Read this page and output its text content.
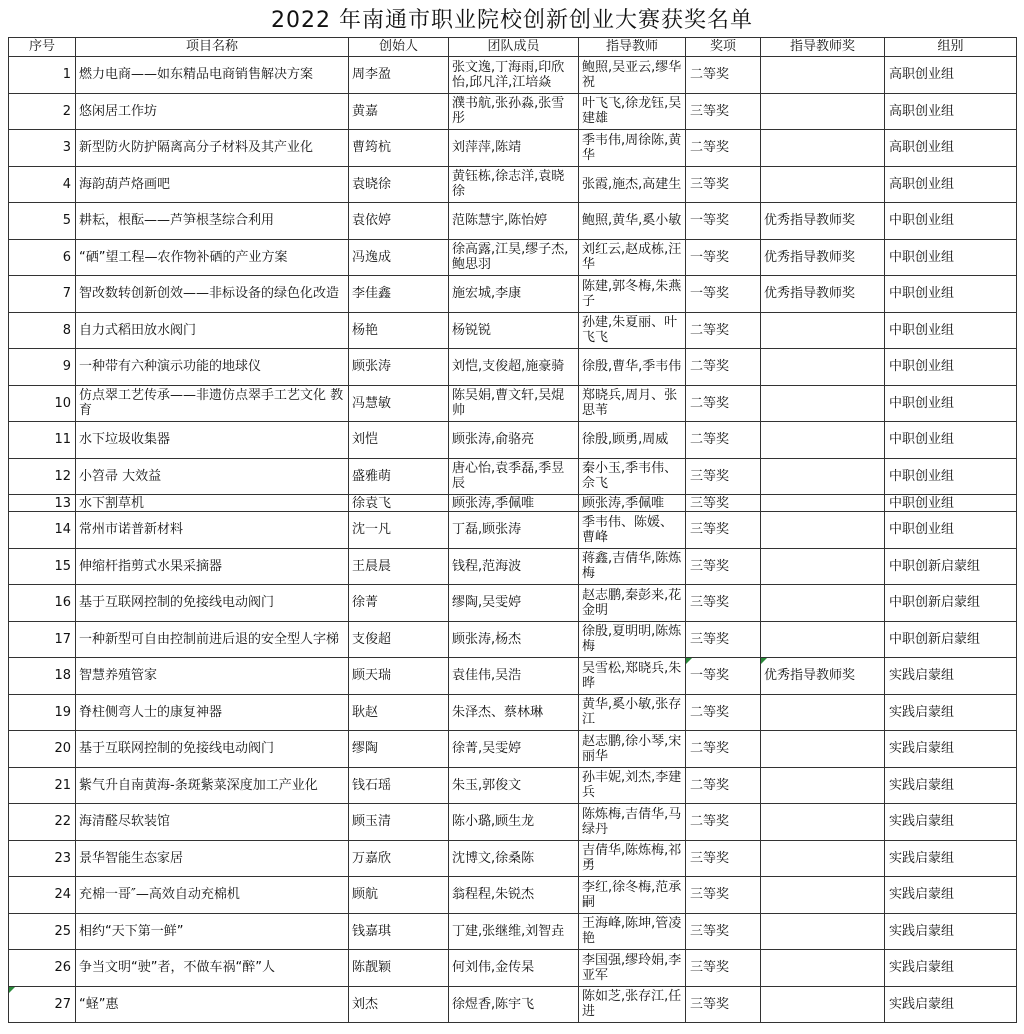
2022 年南通市职业院校创新创业大赛获奖名单
序号	项目名称	创始人	团队成员	指导教师	奖项	指导教师奖	组别
1	燃力电商——如东精品电商销售解决方案	周李盈	张文逸,丁海雨,印欣怡,邱凡洋,江培焱	鲍照,吴亚云,缪华祝	二等奖		高职创业组
2	悠闲居工作坊	黄嘉	濮书航,张孙淼,张雪彤	叶飞飞,徐龙钰,吴建雄	三等奖		高职创业组
3	新型防火防护隔离高分子材料及其产业化	曹筠杭	刘萍萍,陈靖	季韦伟,周徐陈,黄华	二等奖		高职创业组
4	海韵葫芦烙画吧	袁晓徐	黄钰栋,徐志洋,袁晓徐	张霞,施杰,高建生	三等奖		高职创业组
5	耕耘，根酝——芦笋根茎综合利用	袁依婷	范陈慧宇,陈怡婷	鲍照,黄华,奚小敏	一等奖	优秀指导教师奖	中职创业组
6	“硒”望工程—农作物补硒的产业方案	冯逸成	徐高露,江昊,缪子杰, 鲍思羽	刘红云,赵成栋,汪华	一等奖	优秀指导教师奖	中职创业组
7	智改数转创新创效——非标设备的绿色化改造	李佳鑫	施宏城,李康	陈建,郭冬梅,朱燕子	一等奖	优秀指导教师奖	中职创业组
8	自力式稻田放水阀门	杨艳	杨锐锐	孙建,朱夏丽、叶飞飞	二等奖		中职创业组
9	一种带有六种演示功能的地球仪	顾张涛	刘恺,支俊超,施豪骑	徐殷,曹华,季韦伟	二等奖		中职创业组
10	仿点翠工艺传承——非遗仿点翠手工艺文化 教育	冯慧敏	陈吴娟,曹文轩,吴焜帅	郑晓兵,周月、张思苇	二等奖		中职创业组
11	水下垃圾收集器	刘恺	顾张涛,俞骆亮	徐殷,顾勇,周威	二等奖		中职创业组
12	小笤帚 大效益	盛雅萌	唐心怡,袁季磊,季昱辰	秦小玉,季韦伟、佘飞	三等奖		中职创业组
13	水下割草机	徐袁飞	顾张涛,季佩唯	顾张涛,季佩唯	三等奖		中职创业组
14	常州市诺普新材料	沈一凡	丁磊,顾张涛	季韦伟、陈媛、曹峰	三等奖		中职创业组
15	伸缩杆指剪式水果采摘器	王晨晨	钱程,范海波	蒋鑫,吉倩华,陈炼梅	三等奖		中职创新启蒙组
16	基于互联网控制的免接线电动阀门	徐菁	缪陶,吴雯婷	赵志鹏,秦彭来,花金明	三等奖		中职创新启蒙组
17	一种新型可自由控制前进后退的安全型人字梯	支俊超	顾张涛,杨杰	徐殷,夏明明,陈炼梅	三等奖		中职创新启蒙组
18	智慧养殖管家	顾天瑞	袁佳伟,吴浩	吴雪松,郑晓兵,朱晔	一等奖	优秀指导教师奖	实践启蒙组
19	脊柱侧弯人士的康复神器	耿赵	朱泽杰、蔡林琳	黄华,奚小敏,张存江	二等奖		实践启蒙组
20	基于互联网控制的免接线电动阀门	缪陶	徐菁,吴雯婷	赵志鹏,徐小琴,宋丽华	二等奖		实践启蒙组
21	紫气升自南黄海-条斑紫菜深度加工产业化	钱石瑶	朱玉,郭俊文	孙丰妮,刘杰,李建兵	二等奖		实践启蒙组
22	海清醛尽软装馆	顾玉清	陈小璐,顾生龙	陈炼梅,吉倩华,马绿丹	二等奖		实践启蒙组
23	景华智能生态家居	万嘉欣	沈博文,徐桑陈	吉倩华,陈炼梅,祁勇	三等奖		实践启蒙组
24	充棉一哥″—高效自动充棉机	顾航	翁程程,朱锐杰	李红,徐冬梅,范承嗣	三等奖		实践启蒙组
25	相约“天下第一鲜”	钱嘉琪	丁建,张继维,刘智垚	王海峰,陈坤,管凌艳	三等奖		实践启蒙组
26	争当文明“驶”者，不做车祸“醉”人	陈靓颖	何刘伟,金传杲	李国强,缪玲娟,李亚军	三等奖		实践启蒙组
27	“蛏”惠	刘杰	徐煜香,陈宇飞	陈如芝,张存江,任进	三等奖		实践启蒙组
